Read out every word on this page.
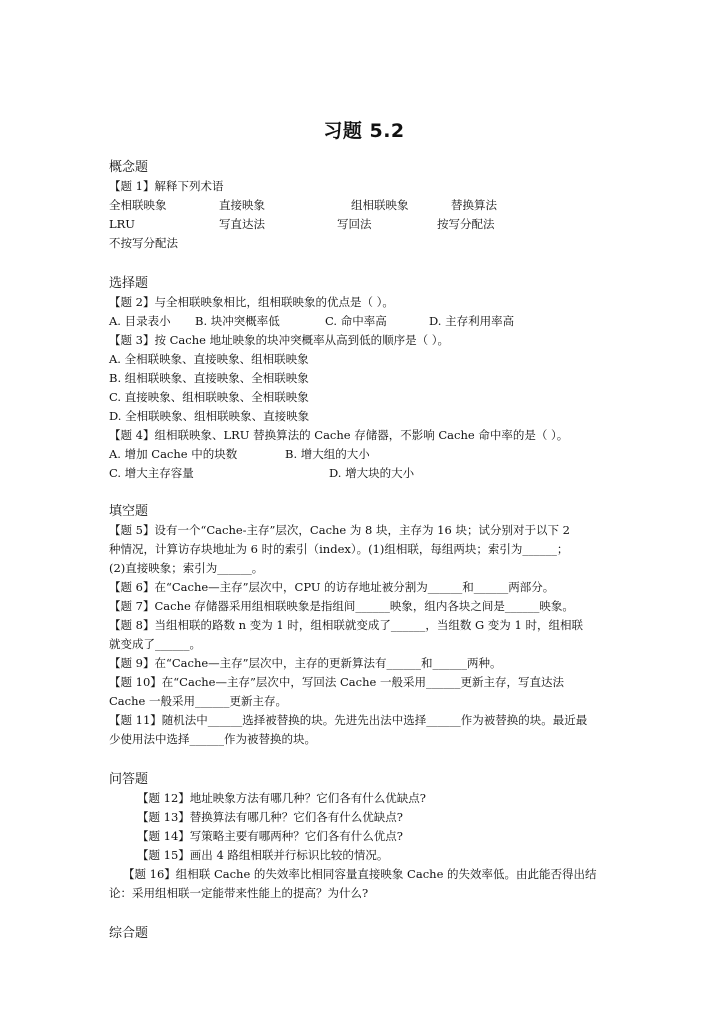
习题 5.2
概念题
【题 1】解释下列术语
全相联映象	直接映象	组相联映象	替换算法
LRU	写直达法	写回法	按写分配法
不按写分配法
选择题
【题 2】与全相联映象相比，组相联映象的优点是（ ）。
A. 目录表小	B. 块冲突概率低	C. 命中率高	D. 主存利用率高
【题 3】按 Cache 地址映象的块冲突概率从高到低的顺序是（ ）。
A. 全相联映象、直接映象、组相联映象
B. 组相联映象、直接映象、全相联映象
C. 直接映象、组相联映象、全相联映象
D. 全相联映象、组相联映象、直接映象
【题 4】组相联映象、LRU 替换算法的 Cache 存储器，不影响 Cache 命中率的是（ ）。
A. 增加 Cache 中的块数	B. 增大组的大小
C. 增大主存容量	D. 增大块的大小
填空题
【题 5】设有一个“Cache-主存”层次，Cache 为 8 块，主存为 16 块；试分别对于以下 2
种情况，计算访存块地址为 6 时的索引（index）。(1)组相联，每组两块；索引为______；
(2)直接映象；索引为______。
【题 6】在“Cache—主存”层次中，CPU 的访存地址被分割为______和______两部分。
【题 7】Cache 存储器采用组相联映象是指组间______映象，组内各块之间是______映象。
【题 8】当组相联的路数 n 变为 1 时，组相联就变成了______，当组数 G 变为 1 时，组相联
就变成了______。
【题 9】在“Cache—主存”层次中，主存的更新算法有______和______两种。
【题 10】在“Cache—主存”层次中，写回法 Cache 一般采用______更新主存，写直达法
Cache 一般采用______更新主存。
【题 11】随机法中______选择被替换的块。先进先出法中选择______作为被替换的块。最近最
少使用法中选择______作为被替换的块。
问答题
【题 12】地址映象方法有哪几种？它们各有什么优缺点?
【题 13】替换算法有哪几种？它们各有什么优缺点?
【题 14】写策略主要有哪两种？它们各有什么优点?
【题 15】画出 4 路组相联并行标识比较的情况。
【题 16】组相联 Cache 的失效率比相同容量直接映象 Cache 的失效率低。由此能否得出结
论：采用组相联一定能带来性能上的提高？为什么?
综合题
